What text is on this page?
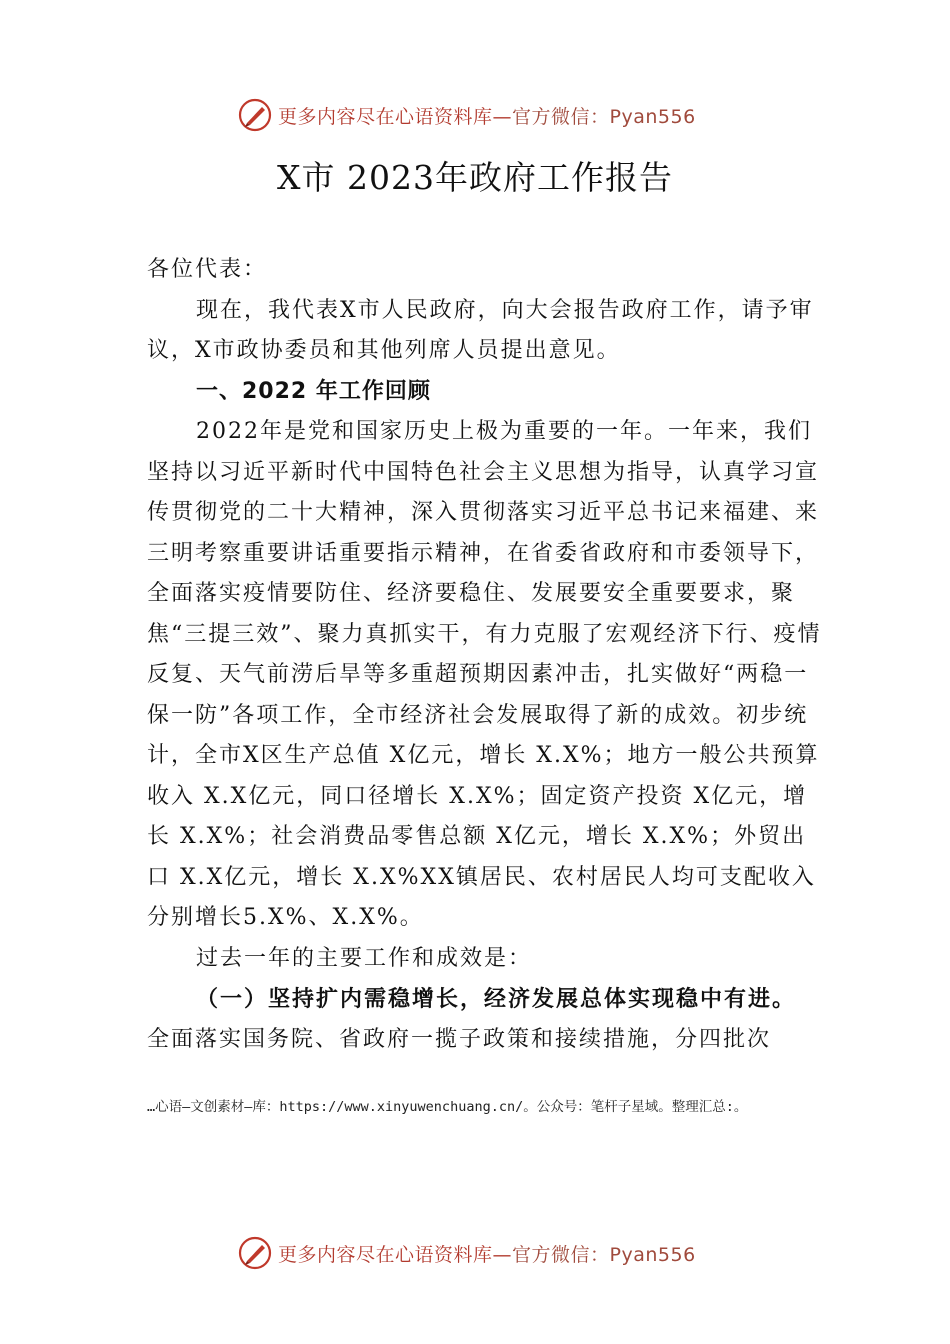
更多内容尽在心语资料库—官方微信：Pyan556
X市 2023年政府工作报告

各位代表：

现在，我代表X市人民政府，向大会报告政府工作，请予审议，X市政协委员和其他列席人员提出意见。

一、2022 年工作回顾

2022年是党和国家历史上极为重要的一年。一年来，我们坚持以习近平新时代中国特色社会主义思想为指导，认真学习宣传贯彻党的二十大精神，深入贯彻落实习近平总书记来福建、来三明考察重要讲话重要指示精神，在省委省政府和市委领导下，全面落实疫情要防住、经济要稳住、发展要安全重要要求，聚焦“三提三效”、聚力真抓实干，有力克服了宏观经济下行、疫情反复、天气前涝后旱等多重超预期因素冲击，扎实做好“两稳一保一防”各项工作，全市经济社会发展取得了新的成效。初步统计，全市X区生产总值 X亿元，增长 X.X%；地方一般公共预算收入 X.X亿元，同口径增长 X.X%；固定资产投资 X亿元，增长 X.X%；社会消费品零售总额 X亿元，增长 X.X%；外贸出口 X.X亿元，增长 X.X%XX镇居民、农村居民人均可支配收入分别增长5.X%、X.X%。

过去一年的主要工作和成效是：

（一）坚持扩内需稳增长，经济发展总体实现稳中有进。

全面落实国务院、省政府一揽子政策和接续措施，分四批次

…心语—文创素材—库：https://www.xinyuwenchuang.cn/。公众号：笔杆子星域。整理汇总:。
更多内容尽在心语资料库—官方微信：Pyan556
